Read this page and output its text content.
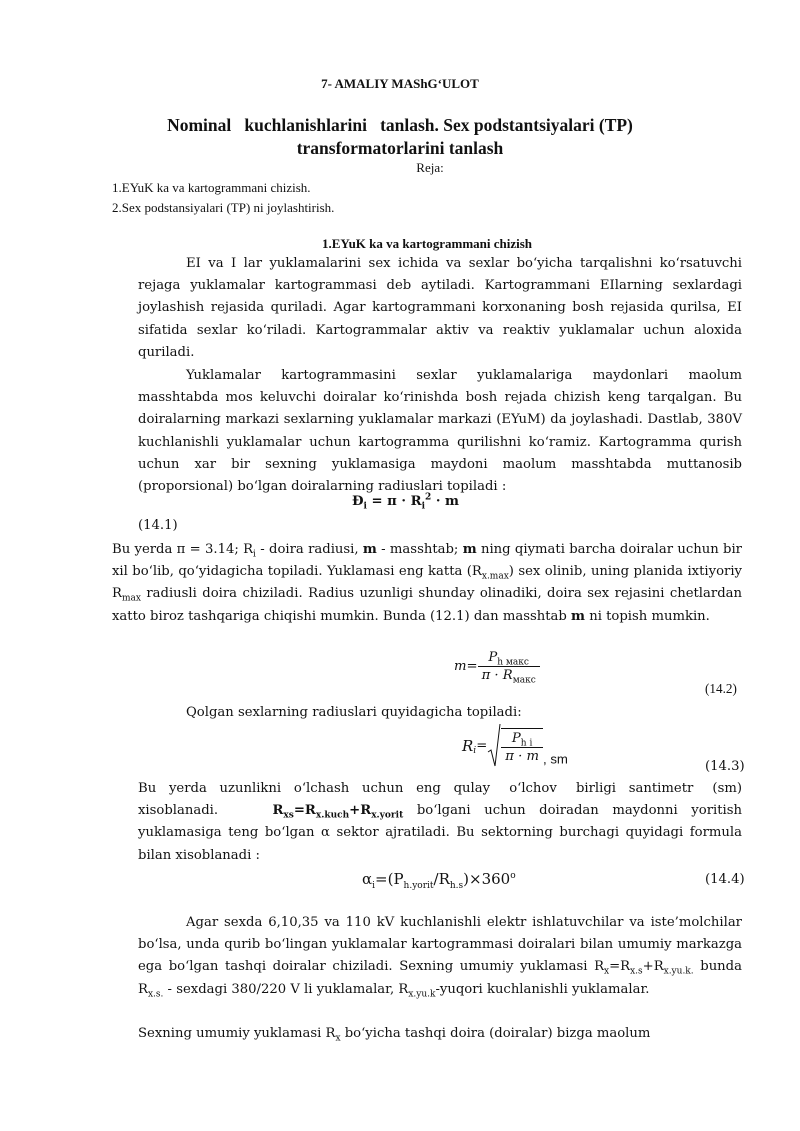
7- AMALIY MAShG‘ULOT
Nominal   kuchlanishlarini   tanlash. Sex podstantsiyalari (TP)
transformatorlarini tanlash
Reja:
1.EYuK ka va kartogrammani chizish.
2.Sex podstansiyalari (TP) ni joylashtirish.
1.EYuK ka va kartogrammani chizish
EI va I lar yuklamalarini sex ichida va sexlar bo‘yicha tarqalishni ko‘rsatuvchi rejaga yuklamalar kartogrammasi deb aytiladi. Kartogrammani EIlarning sexlardagi joylashish rejasida quriladi. Agar kartogrammani korxonaning bosh rejasida qurilsa, EI sifatida sexlar ko‘riladi. Kartogrammalar aktiv va reaktiv yuklamalar uchun aloxida quriladi.
Yuklamalar kartogrammasini sexlar yuklamalariga maydonlari maolum masshtabda mos keluvchi doiralar ko‘rinishda bosh rejada chizish keng tarqalgan. Bu doiralarning markazi sexlarning yuklamalar markazi (EYuM) da joylashadi. Dastlab, 380V kuchlanishli yuklamalar uchun kartogramma qurilishni ko‘ramiz. Kartogramma qurish uchun xar bir sexning yuklamasiga maydoni maolum masshtabda muttanosib (proporsional) bo‘lgan doiralarning radiuslari topiladi :
$Ð_i = \pi \cdot R_i^2 \cdot m$
(14.1)
Bu yerda π = 3.14; $R_i$ - doira radiusi, m - masshtab; m ning qiymati barcha doiralar uchun bir xil bo‘lib, qo‘yidagicha topiladi. Yuklamasi eng katta $(R_{x.max})$ sex olinib, uning planida ixtiyoriy $R_{max}$ radiusli doira chiziladi. Radius uzunligi shunday olinadiki, doira sex rejasini chetlardan xatto biroz tashqariga chiqishi mumkin. Bunda (12.1) dan masshtab m ni topish mumkin.
$m= \frac{P_{h макс}}{\pi \cdot R_{макс}}$
(14.2)
Qolgan sexlarning radiuslari quyidagicha topiladi:
$R_i= \frac{P_{h i}}{\pi \cdot m}$ , sm	(14.3)
Bu  yerda  uzunlikni  o‘lchash  uchun  eng  qulay   o‘lchov   birligi  santimetr   (sm) xisoblanadi.    $R_{xs}=R_{x.kuch}+R_{x.yorit}$ bo‘lgani uchun doiradan maydonni yoritish yuklamasiga teng bo‘lgan α sektor ajratiladi. Bu sektorning burchagi quyidagi formula bilan xisoblanadi :
$\alpha_i=(P_{h.yorit}/R_{h.s})\times 360^o$	(14.4)
Agar sexda 6,10,35 va 110 kV kuchlanishli elektr ishlatuvchilar va iste’molchilar bo‘lsa, unda qurib bo‘lingan yuklamalar kartogrammasi doiralari bilan umumiy markazga ega bo‘lgan tashqi doiralar chiziladi. Sexning umumiy yuklamasi $R_x=R_{x.s}+R_{x.yu.k.}$ bunda $R_{x.s.}$ - sexdagi 380/220 V li yuklamalar, $R_{x.yu.k}$-yuqori kuchlanishli yuklamalar.
Sexning umumiy yuklamasi $R_x$ bo‘yicha tashqi doira (doiralar) bizga maolum
